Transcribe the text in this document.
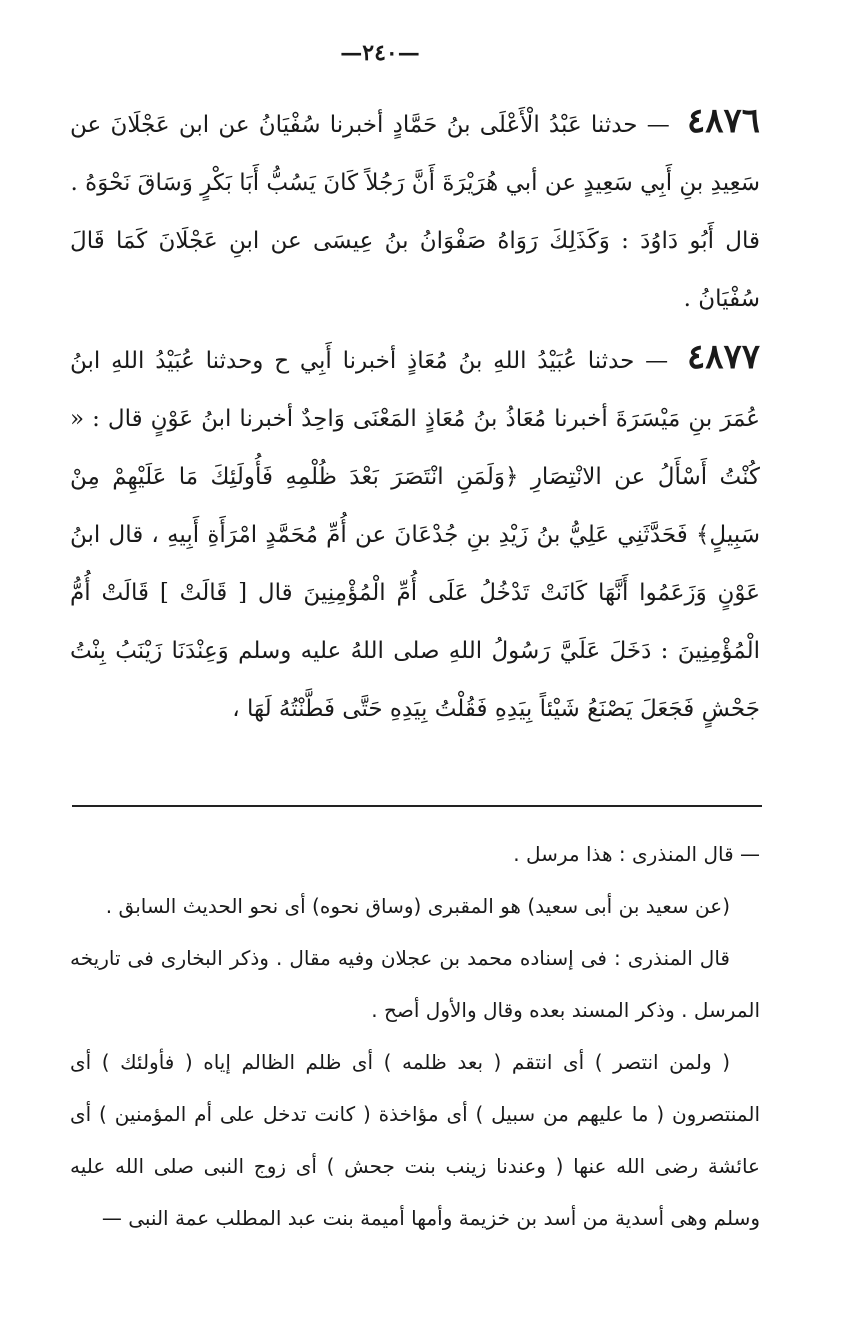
—٢٤٠—

٤٨٧٦ — حدثنا عَبْدُ الْأَعْلَى بنُ حَمَّادٍ أخبرنا سُفْيَانُ عن ابن عَجْلَانَ عن سَعِيدِ بنِ أَبِي سَعِيدٍ عن أبي هُرَيْرَةَ أَنَّ رَجُلاً كَانَ يَسُبُّ أَبَا بَكْرٍ وَسَاقَ نَحْوَهُ .

قال أَبُو دَاوُدَ : وَكَذَلِكَ رَوَاهُ صَفْوَانُ بنُ عِيسَى عن ابنِ عَجْلَانَ كَمَا قَالَ سُفْيَانُ .

٤٨٧٧ — حدثنا عُبَيْدُ اللهِ بنُ مُعَاذٍ أخبرنا أَبِي ح وحدثنا عُبَيْدُ اللهِ ابنُ عُمَرَ بنِ مَيْسَرَةَ أخبرنا مُعَاذُ بنُ مُعَاذٍ المَعْنَى وَاحِدٌ أخبرنا ابنُ عَوْنٍ قال : « كُنْتُ أَسْأَلُ عن الانْتِصَارِ ﴿وَلَمَنِ انْتَصَرَ بَعْدَ ظُلْمِهِ فَأُولَئِكَ مَا عَلَيْهِمْ مِنْ سَبِيلٍ﴾ فَحَدَّثَنِي عَلِيُّ بنُ زَيْدِ بنِ جُدْعَانَ عن أُمِّ مُحَمَّدٍ امْرَأَةِ أَبِيهِ ، قال ابنُ عَوْنٍ وَزَعَمُوا أَنَّهَا كَانَتْ تَدْخُلُ عَلَى أُمِّ الْمُؤْمِنِينَ قال [ قَالَتْ ] قَالَتْ أُمُّ الْمُؤْمِنِينَ : دَخَلَ عَلَيَّ رَسُولُ اللهِ صلى اللهُ عليه وسلم وَعِنْدَنَا زَيْنَبُ بِنْتُ جَحْشٍ فَجَعَلَ يَصْنَعُ شَيْئاً بِيَدِهِ فَقُلْتُ بِيَدِهِ حَتَّى فَطَّنْتُهُ لَهَا ،

— قال المنذرى : هذا مرسل .

(عن سعيد بن أبى سعيد) هو المقبرى (وساق نحوه) أى نحو الحديث السابق .

قال المنذرى : فى إسناده محمد بن عجلان وفيه مقال . وذكر البخارى فى تاريخه المرسل . وذكر المسند بعده وقال والأول أصح .

( ولمن انتصر ) أى انتقم ( بعد ظلمه ) أى ظلم الظالم إياه ( فأولئك ) أى المنتصرون ( ما عليهم من سبيل ) أى مؤاخذة ( كانت تدخل على أم المؤمنين ) أى عائشة رضى الله عنها ( وعندنا زينب بنت جحش ) أى زوج النبى صلى الله عليه وسلم وهى أسدية من أسد بن خزيمة وأمها أميمة بنت عبد المطلب عمة النبى —
